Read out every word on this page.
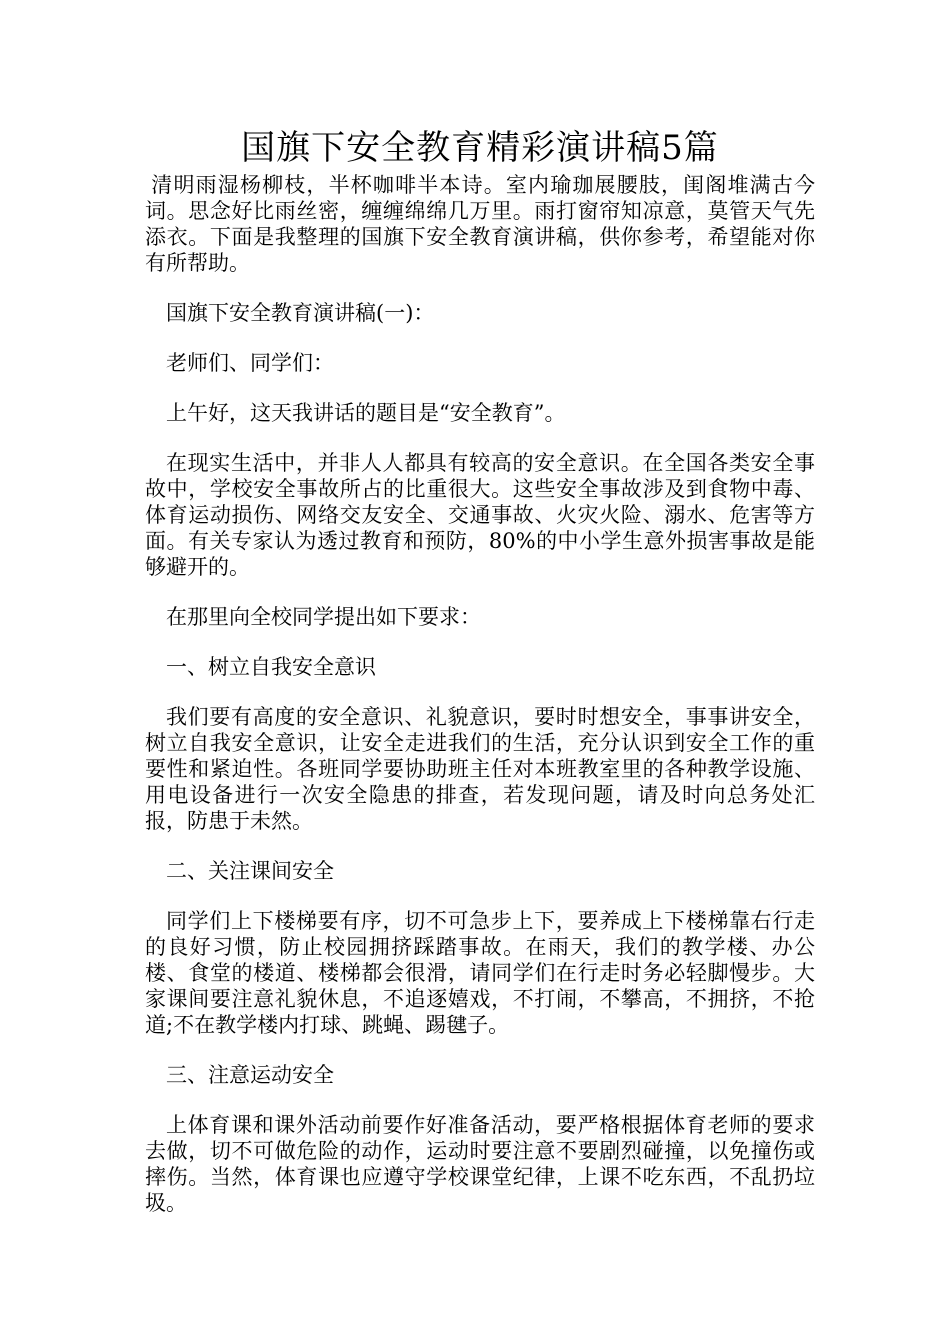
国旗下安全教育精彩演讲稿5篇

清明雨湿杨柳枝，半杯咖啡半本诗。室内瑜珈展腰肢，闺阁堆满古今词。思念好比雨丝密，缠缠绵绵几万里。雨打窗帘知凉意，莫管天气先添衣。下面是我整理的国旗下安全教育演讲稿，供你参考，希望能对你有所帮助。

国旗下安全教育演讲稿(一)：

老师们、同学们：

上午好，这天我讲话的题目是“安全教育”。

在现实生活中，并非人人都具有较高的安全意识。在全国各类安全事故中，学校安全事故所占的比重很大。这些安全事故涉及到食物中毒、体育运动损伤、网络交友安全、交通事故、火灾火险、溺水、危害等方面。有关专家认为透过教育和预防，80%的中小学生意外损害事故是能够避开的。

在那里向全校同学提出如下要求：

一、树立自我安全意识

我们要有高度的安全意识、礼貌意识，要时时想安全，事事讲安全，树立自我安全意识，让安全走进我们的生活，充分认识到安全工作的重要性和紧迫性。各班同学要协助班主任对本班教室里的各种教学设施、用电设备进行一次安全隐患的排查，若发现问题，请及时向总务处汇报，防患于未然。

二、关注课间安全

同学们上下楼梯要有序，切不可急步上下，要养成上下楼梯靠右行走的良好习惯，防止校园拥挤踩踏事故。在雨天，我们的教学楼、办公楼、食堂的楼道、楼梯都会很滑，请同学们在行走时务必轻脚慢步。大家课间要注意礼貌休息，不追逐嬉戏，不打闹，不攀高，不拥挤，不抢道;不在教学楼内打球、跳蝇、踢毽子。

三、注意运动安全

上体育课和课外活动前要作好准备活动，要严格根据体育老师的要求去做，切不可做危险的动作，运动时要注意不要剧烈碰撞，以免撞伤或摔伤。当然，体育课也应遵守学校课堂纪律，上课不吃东西，不乱扔垃圾。
